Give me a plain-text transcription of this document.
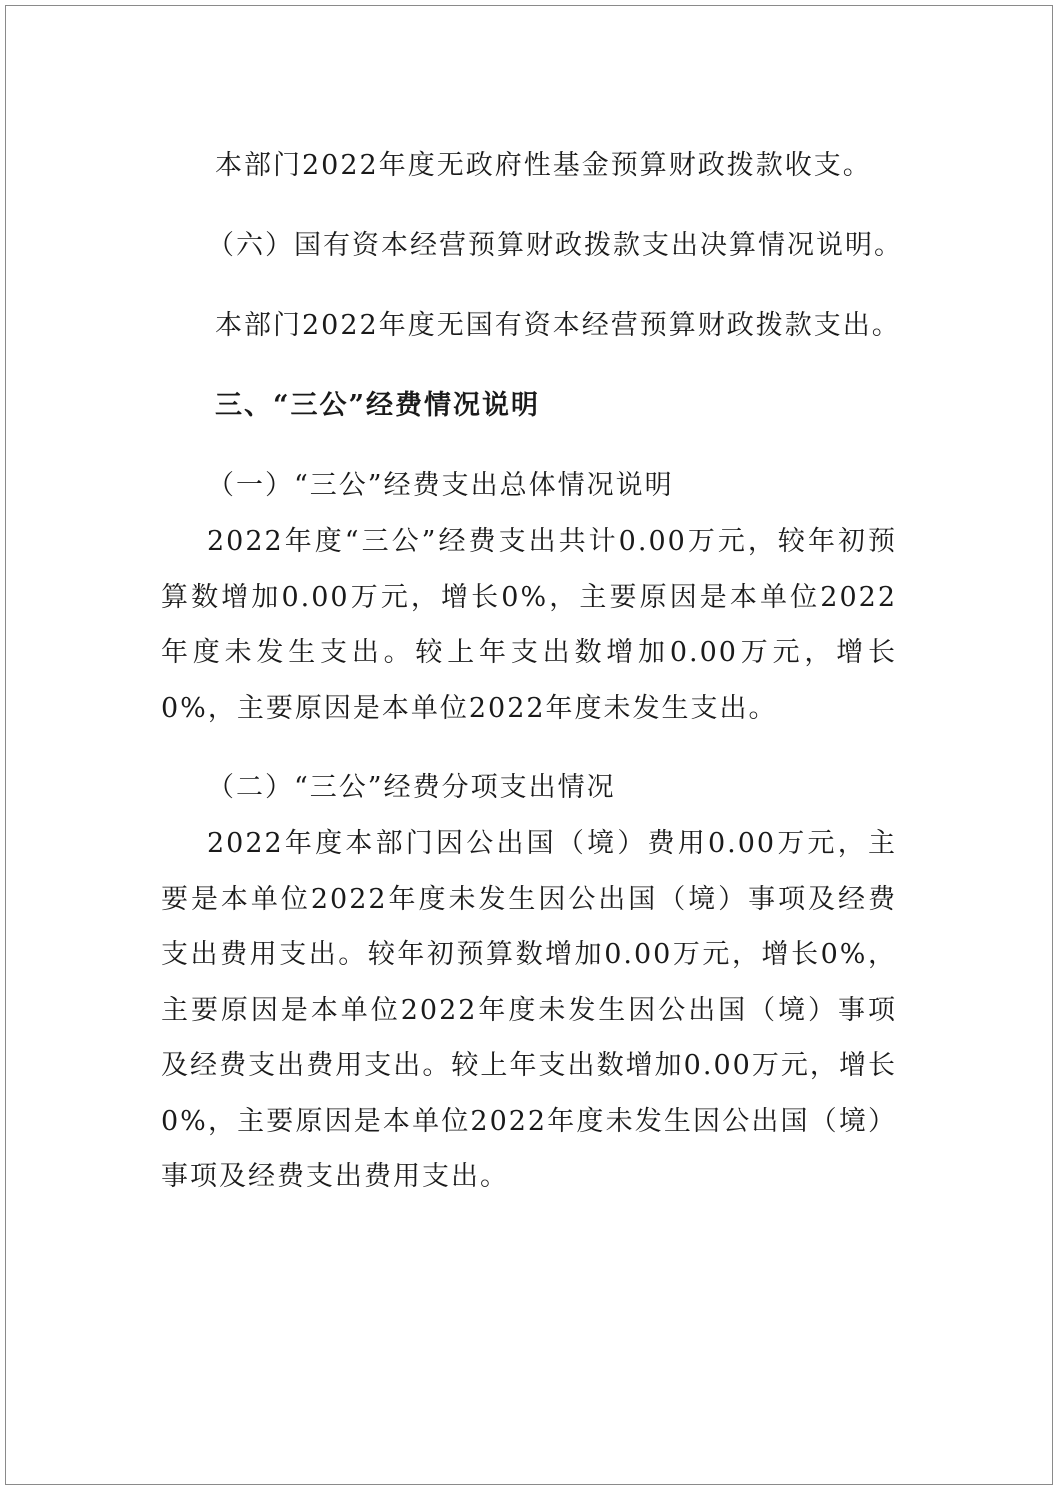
本部门2022年度无政府性基金预算财政拨款收支。

（六）国有资本经营预算财政拨款支出决算情况说明。

本部门2022年度无国有资本经营预算财政拨款支出。

三、“三公”经费情况说明

（一）“三公”经费支出总体情况说明

2022年度“三公”经费支出共计0.00万元，较年初预算数增加0.00万元，增长0%，主要原因是本单位2022年度未发生支出。较上年支出数增加0.00万元，增长0%，主要原因是本单位2022年度未发生支出。

（二）“三公”经费分项支出情况

2022年度本部门因公出国（境）费用0.00万元，主要是本单位2022年度未发生因公出国（境）事项及经费支出费用支出。较年初预算数增加0.00万元，增长0%，主要原因是本单位2022年度未发生因公出国（境）事项及经费支出费用支出。较上年支出数增加0.00万元，增长0%，主要原因是本单位2022年度未发生因公出国（境）事项及经费支出费用支出。
